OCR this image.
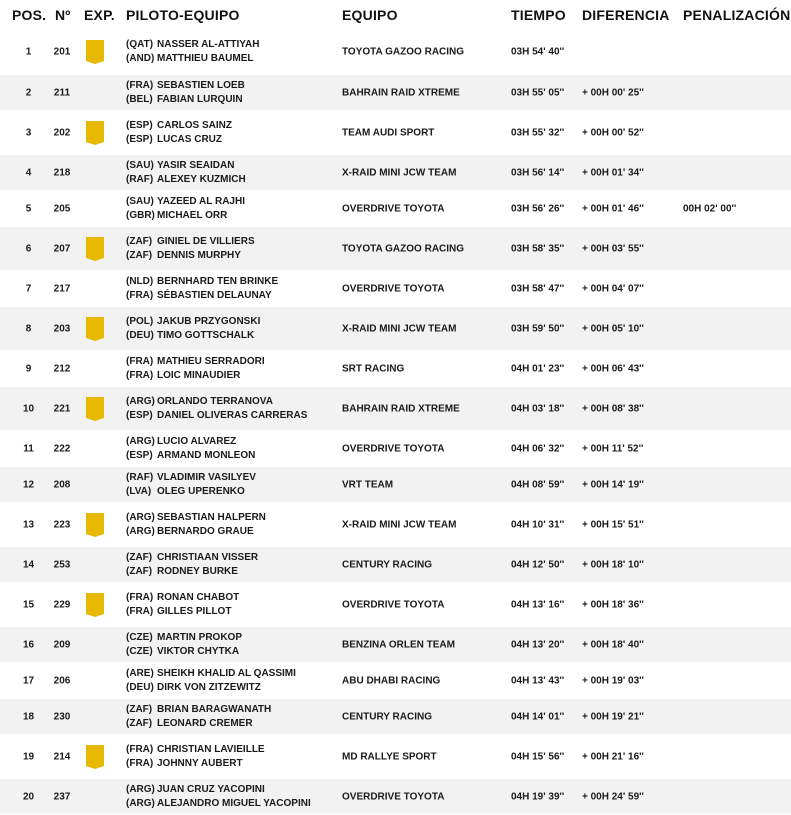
POS. Nº EXP. PILOTO-EQUIPO	EQUIPO	TIEMPO DIFERENCIA PENALIZACIÓN
1	201
(QAT) NASSER AL-ATTIYAH
(AND) MATTHIEU BAUMEL
TOYOTA GAZOO RACING	03H 54' 40''
2	211
(FRA) SEBASTIEN LOEB
(BEL) FABIAN LURQUIN
BAHRAIN RAID XTREME	03H 55' 05'' + 00H 00' 25''
3	202
(ESP) CARLOS SAINZ
(ESP) LUCAS CRUZ
TEAM AUDI SPORT	03H 55' 32'' + 00H 00' 52''
4	218
(SAU) YASIR SEAIDAN
(RAF) ALEXEY KUZMICH
X-RAID MINI JCW TEAM	03H 56' 14'' + 00H 01' 34''
5	205
(SAU) YAZEED AL RAJHI
(GBR) MICHAEL ORR
OVERDRIVE TOYOTA	03H 56' 26'' + 00H 01' 46''	00H 02' 00''
6	207
(ZAF) GINIEL DE VILLIERS
(ZAF) DENNIS MURPHY
TOYOTA GAZOO RACING	03H 58' 35'' + 00H 03' 55''
7	217
(NLD) BERNHARD TEN BRINKE
(FRA) SÉBASTIEN DELAUNAY
OVERDRIVE TOYOTA	03H 58' 47'' + 00H 04' 07''
8	203
(POL) JAKUB PRZYGONSKI
(DEU) TIMO GOTTSCHALK
X-RAID MINI JCW TEAM	03H 59' 50'' + 00H 05' 10''
9	212
(FRA) MATHIEU SERRADORI
(FRA) LOIC MINAUDIER
SRT RACING	04H 01' 23'' + 00H 06' 43''
10	221
(ARG) ORLANDO TERRANOVA
(ESP) DANIEL OLIVERAS CARRERAS
BAHRAIN RAID XTREME	04H 03' 18'' + 00H 08' 38''
11	222
(ARG) LUCIO ALVAREZ
(ESP) ARMAND MONLEON
OVERDRIVE TOYOTA	04H 06' 32'' + 00H 11' 52''
12	208
(RAF) VLADIMIR VASILYEV
(LVA) OLEG UPERENKO
VRT TEAM	04H 08' 59'' + 00H 14' 19''
13	223
(ARG) SEBASTIAN HALPERN
(ARG) BERNARDO GRAUE
X-RAID MINI JCW TEAM	04H 10' 31'' + 00H 15' 51''
14	253
(ZAF) CHRISTIAAN VISSER
(ZAF) RODNEY BURKE
CENTURY RACING	04H 12' 50'' + 00H 18' 10''
15	229
(FRA) RONAN CHABOT
(FRA) GILLES PILLOT
OVERDRIVE TOYOTA	04H 13' 16'' + 00H 18' 36''
16	209
(CZE) MARTIN PROKOP
(CZE) VIKTOR CHYTKA
BENZINA ORLEN TEAM	04H 13' 20'' + 00H 18' 40''
17	206
(ARE) SHEIKH KHALID AL QASSIMI
(DEU) DIRK VON ZITZEWITZ
ABU DHABI RACING	04H 13' 43'' + 00H 19' 03''
18	230
(ZAF) BRIAN BARAGWANATH
(ZAF) LEONARD CREMER
CENTURY RACING	04H 14' 01'' + 00H 19' 21''
19	214
(FRA) CHRISTIAN LAVIEILLE
(FRA) JOHNNY AUBERT
MD RALLYE SPORT	04H 15' 56'' + 00H 21' 16''
20	237
(ARG) JUAN CRUZ YACOPINI
(ARG) ALEJANDRO MIGUEL YACOPINI
OVERDRIVE TOYOTA	04H 19' 39'' + 00H 24' 59''
